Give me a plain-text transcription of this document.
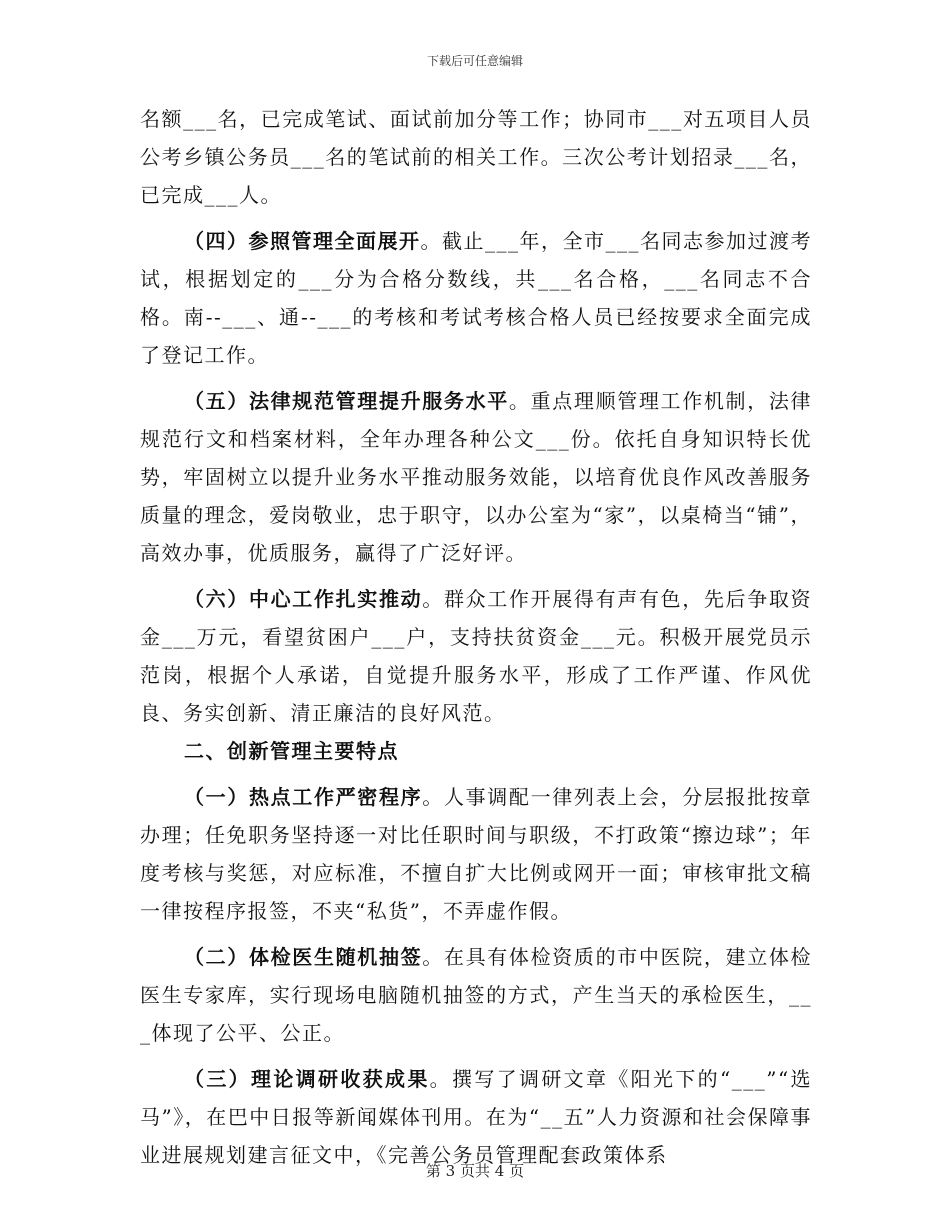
下载后可任意编辑

名额___名，已完成笔试、面试前加分等工作；协同市___对五项目人员公考乡镇公务员___名的笔试前的相关工作。三次公考计划招录___名，已完成___人。

（四）参照管理全面展开。截止___年，全市___名同志参加过渡考试，根据划定的___分为合格分数线，共___名合格，___名同志不合格。南--___、通--___的考核和考试考核合格人员已经按要求全面完成了登记工作。

（五）法律规范管理提升服务水平。重点理顺管理工作机制，法律规范行文和档案材料，全年办理各种公文___份。依托自身知识特长优势，牢固树立以提升业务水平推动服务效能，以培育优良作风改善服务质量的理念，爱岗敬业，忠于职守，以办公室为“家”，以桌椅当“铺”，高效办事，优质服务，赢得了广泛好评。

（六）中心工作扎实推动。群众工作开展得有声有色，先后争取资金___万元，看望贫困户___户，支持扶贫资金___元。积极开展党员示范岗，根据个人承诺，自觉提升服务水平，形成了工作严谨、作风优良、务实创新、清正廉洁的良好风范。

二、创新管理主要特点

（一）热点工作严密程序。人事调配一律列表上会，分层报批按章办理；任免职务坚持逐一对比任职时间与职级，不打政策“擦边球”；年度考核与奖惩，对应标准，不擅自扩大比例或网开一面；审核审批文稿一律按程序报签，不夹“私货”，不弄虚作假。

（二）体检医生随机抽签。在具有体检资质的市中医院，建立体检医生专家库，实行现场电脑随机抽签的方式，产生当天的承检医生，___体现了公平、公正。

（三）理论调研收获成果。撰写了调研文章《阳光下的“___”“选马”》，在巴中日报等新闻媒体刊用。在为“__五”人力资源和社会保障事业进展规划建言征文中，《完善公务员管理配套政策体系

第 3 页共 4 页
